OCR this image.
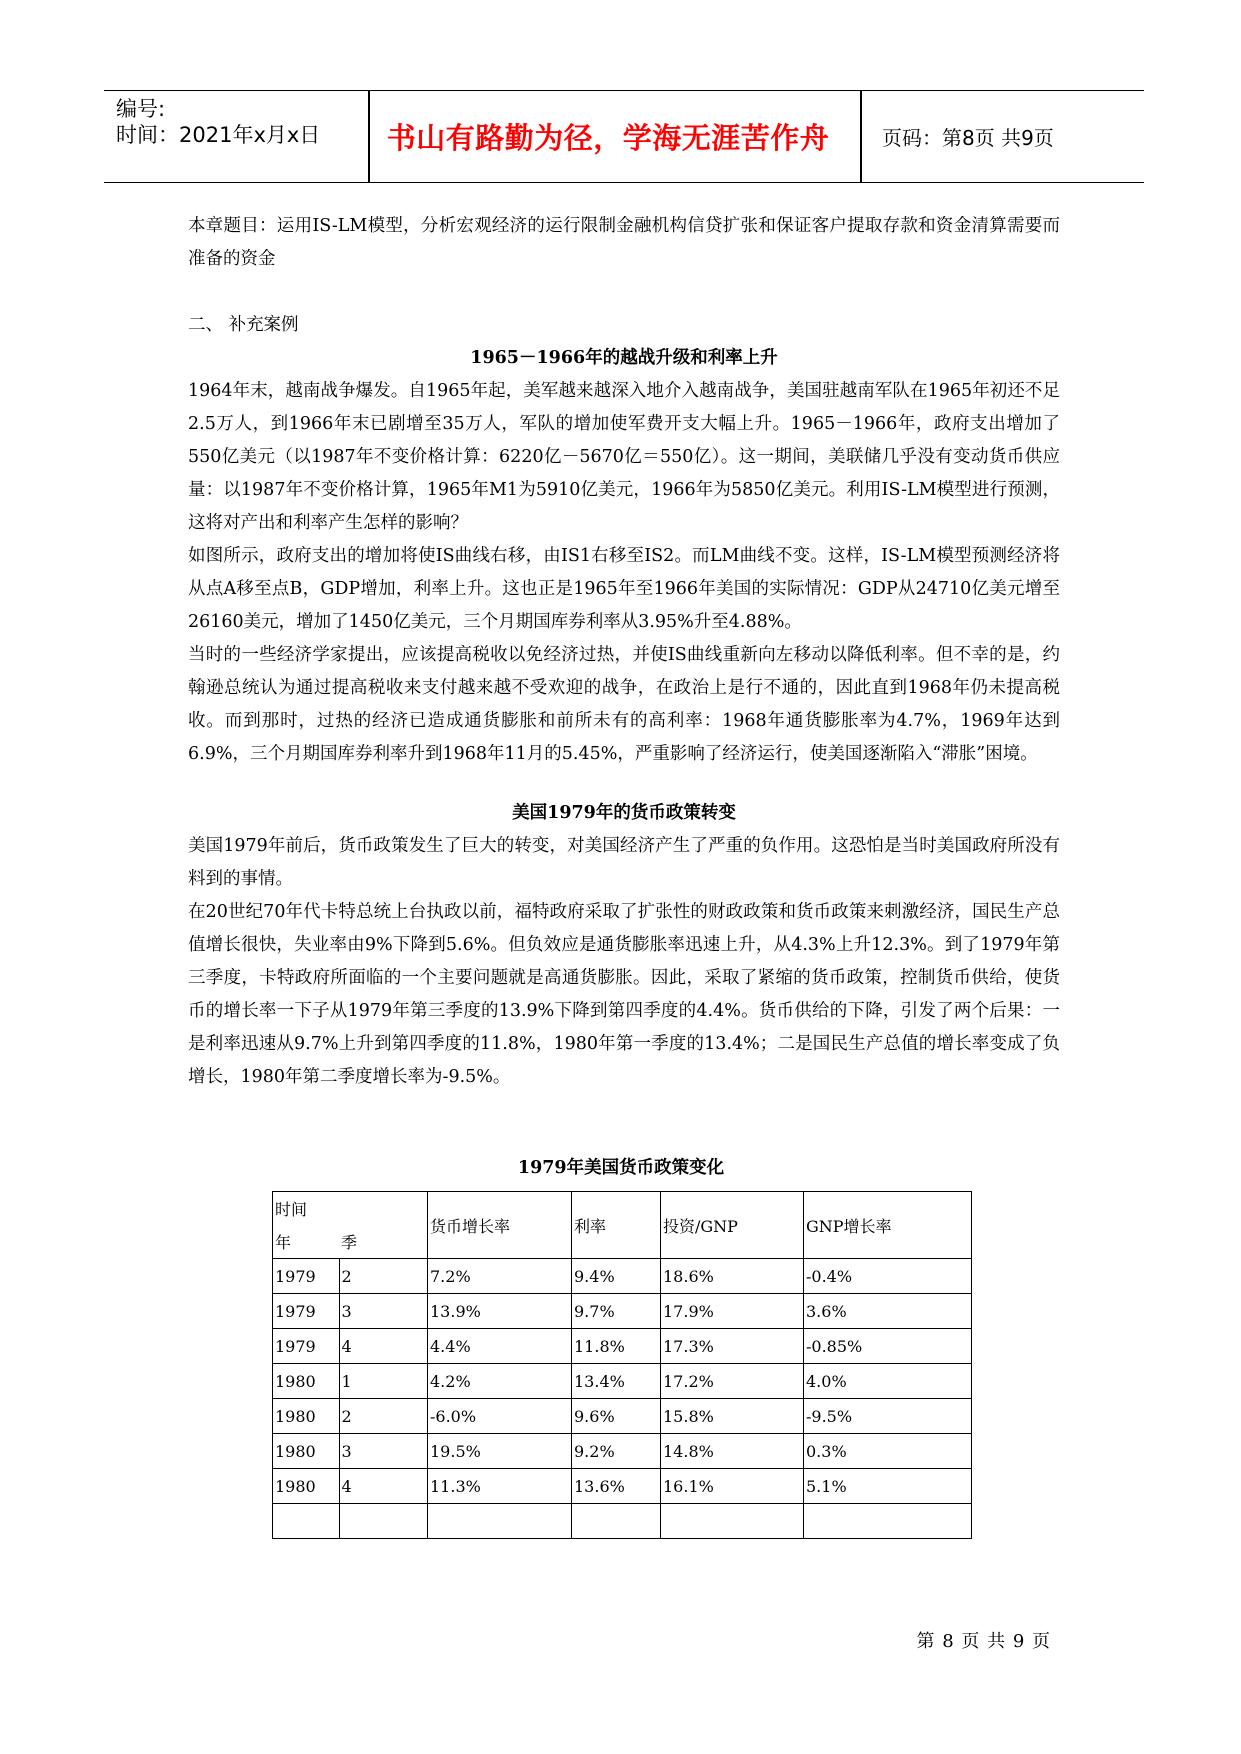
编号:
时间：2021年x月x日	书山有路勤为径，学海无涯苦作舟	页码：第8页 共9页

本章题目：运用IS-LM模型，分析宏观经济的运行限制金融机构信贷扩张和保证客户提取存款和资金清算需要而准备的资金

二、 补充案例

1965－1966年的越战升级和利率上升

1964年末，越南战争爆发。自1965年起，美军越来越深入地介入越南战争，美国驻越南军队在1965年初还不足2.5万人，到1966年末已剧增至35万人，军队的增加使军费开支大幅上升。1965－1966年，政府支出增加了550亿美元（以1987年不变价格计算：6220亿－5670亿＝550亿）。这一期间，美联储几乎没有变动货币供应量：以1987年不变价格计算，1965年M1为5910亿美元，1966年为5850亿美元。利用IS-LM模型进行预测，这将对产出和利率产生怎样的影响？

如图所示，政府支出的增加将使IS曲线右移，由IS1右移至IS2。而LM曲线不变。这样，IS-LM模型预测经济将从点A移至点B，GDP增加，利率上升。这也正是1965年至1966年美国的实际情况：GDP从24710亿美元增至26160美元，增加了1450亿美元，三个月期国库券利率从3.95%升至4.88%。

当时的一些经济学家提出，应该提高税收以免经济过热，并使IS曲线重新向左移动以降低利率。但不幸的是，约翰逊总统认为通过提高税收来支付越来越不受欢迎的战争，在政治上是行不通的，因此直到1968年仍未提高税收。而到那时，过热的经济已造成通货膨胀和前所未有的高利率：1968年通货膨胀率为4.7%，1969年达到6.9%，三个月期国库券利率升到1968年11月的5.45%，严重影响了经济运行，使美国逐渐陷入“滞胀”困境。

美国1979年的货币政策转变

美国1979年前后，货币政策发生了巨大的转变，对美国经济产生了严重的负作用。这恐怕是当时美国政府所没有料到的事情。

在20世纪70年代卡特总统上台执政以前，福特政府采取了扩张性的财政政策和货币政策来刺激经济，国民生产总值增长很快，失业率由9%下降到5.6%。但负效应是通货膨胀率迅速上升，从4.3%上升12.3%。到了1979年第三季度，卡特政府所面临的一个主要问题就是高通货膨胀。因此，采取了紧缩的货币政策，控制货币供给，使货币的增长率一下子从1979年第三季度的13.9%下降到第四季度的4.4%。货币供给的下降，引发了两个后果：一是利率迅速从9.7%上升到第四季度的11.8%，1980年第一季度的13.4%；二是国民生产总值的增长率变成了负增长，1980年第二季度增长率为-9.5%。

1979年美国货币政策变化
时间		货币增长率	利率	投资/GNP	GNP增长率
年	季				
1979	2	7.2%	9.4%	18.6%	-0.4%
1979	3	13.9%	9.7%	17.9%	3.6%
1979	4	4.4%	11.8%	17.3%	-0.85%
1980	1	4.2%	13.4%	17.2%	4.0%
1980	2	-6.0%	9.6%	15.8%	-9.5%
1980	3	19.5%	9.2%	14.8%	0.3%
1980	4	11.3%	13.6%	16.1%	5.1%

第 8 页 共 9 页
